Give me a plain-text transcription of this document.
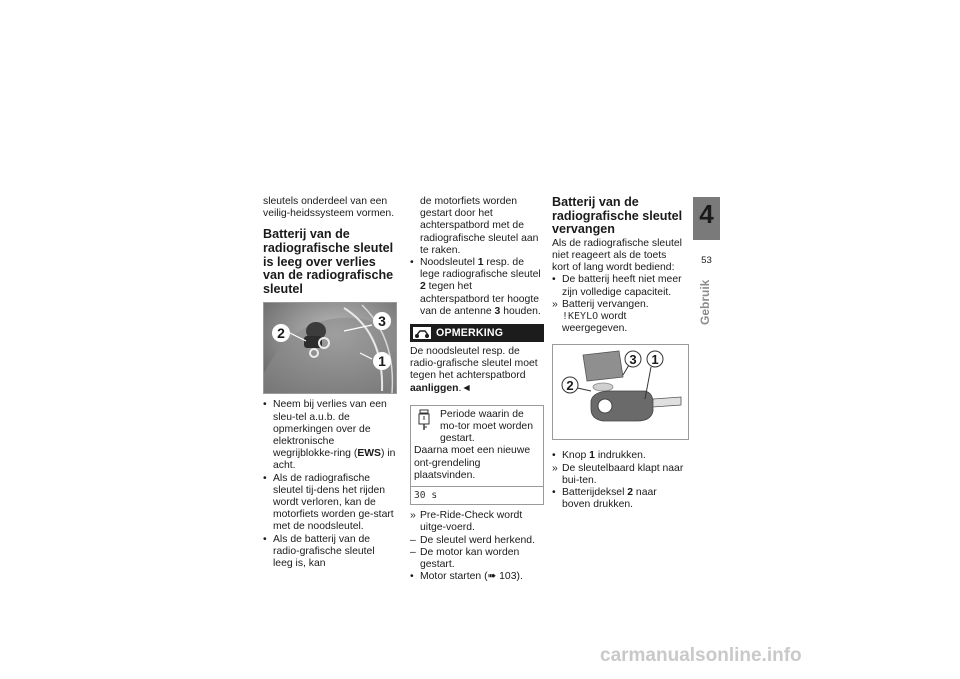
sleutels onderdeel van een veilig-heidssysteem vormen.

Batterij van de radiografische sleutel is leeg over verlies van de radiografische sleutel
2
3
1
• Neem bij verlies van een sleu-tel a.u.b. de opmerkingen over de elektronische wegrijblokke-ring (EWS) in acht.
• Als de radiografische sleutel tij-dens het rijden wordt verloren, kan de motorfiets worden ge-start met de noodsleutel.
• Als de batterij van de radio-grafische sleutel leeg is, kan

de motorfiets worden gestart door het achterspatbord met de radiografische sleutel aan te raken.

• Noodsleutel 1 resp. de lege radiografische sleutel 2 tegen het achterspatbord ter hoogte van de antenne 3 houden.
OPMERKING

De noodsleutel resp. de radio-grafische sleutel moet tegen het achterspatbord aanliggen.◄

Periode waarin de mo-tor moet worden gestart.

Daarna moet een nieuwe ont-grendeling plaatsvinden.

30 s
» Pre-Ride-Check wordt uitge-voerd.
– De sleutel werd herkend.
– De motor kan worden gestart.
• Motor starten (➠ 103).
Batterij van de radiografische sleutel vervangen

Als de radiografische sleutel niet reageert als de toets kort of lang wordt bediend:

• De batterij heeft niet meer zijn volledige capaciteit.
» Batterij vervangen.

!KEYLO wordt weergegeven.

2
3 1
• Knop 1 indrukken.
» De sleutelbaard klapt naar bui-ten.
• Batterijdeksel 2 naar boven drukken.
4
53
Gebruik
carmanualsonline.info
